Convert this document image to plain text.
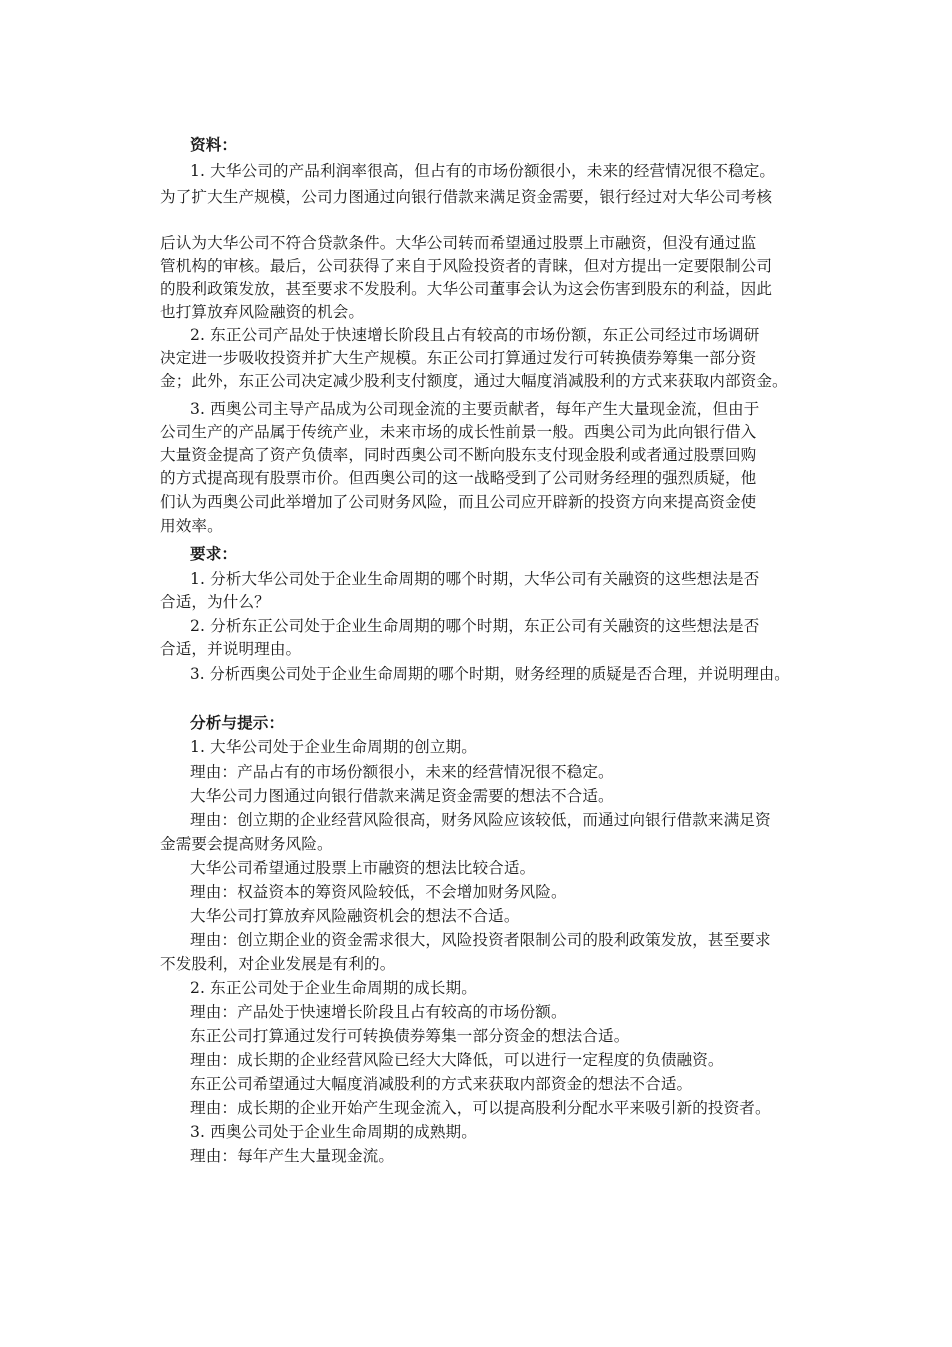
资料：
1. 大华公司的产品利润率很高，但占有的市场份额很小，未来的经营情况很不稳定。
为了扩大生产规模，公司力图通过向银行借款来满足资金需要，银行经过对大华公司考核
后认为大华公司不符合贷款条件。大华公司转而希望通过股票上市融资，但没有通过监
管机构的审核。最后，公司获得了来自于风险投资者的青睐，但对方提出一定要限制公司
的股利政策发放，甚至要求不发股利。大华公司董事会认为这会伤害到股东的利益，因此
也打算放弃风险融资的机会。
2. 东正公司产品处于快速增长阶段且占有较高的市场份额，东正公司经过市场调研
决定进一步吸收投资并扩大生产规模。东正公司打算通过发行可转换债券筹集一部分资
金；此外，东正公司决定减少股利支付额度，通过大幅度消减股利的方式来获取内部资金。
3. 西奥公司主导产品成为公司现金流的主要贡献者，每年产生大量现金流，但由于
公司生产的产品属于传统产业，未来市场的成长性前景一般。西奥公司为此向银行借入
大量资金提高了资产负债率，同时西奥公司不断向股东支付现金股利或者通过股票回购
的方式提高现有股票市价。但西奥公司的这一战略受到了公司财务经理的强烈质疑，他
们认为西奥公司此举增加了公司财务风险，而且公司应开辟新的投资方向来提高资金使
用效率。
要求：
1. 分析大华公司处于企业生命周期的哪个时期，大华公司有关融资的这些想法是否
合适，为什么？
2. 分析东正公司处于企业生命周期的哪个时期，东正公司有关融资的这些想法是否
合适，并说明理由。
3. 分析西奥公司处于企业生命周期的哪个时期，财务经理的质疑是否合理，并说明理由。
分析与提示：
1. 大华公司处于企业生命周期的创立期。
理由：产品占有的市场份额很小，未来的经营情况很不稳定。
大华公司力图通过向银行借款来满足资金需要的想法不合适。
理由：创立期的企业经营风险很高，财务风险应该较低，而通过向银行借款来满足资
金需要会提高财务风险。
大华公司希望通过股票上市融资的想法比较合适。
理由：权益资本的筹资风险较低，不会增加财务风险。
大华公司打算放弃风险融资机会的想法不合适。
理由：创立期企业的资金需求很大，风险投资者限制公司的股利政策发放，甚至要求
不发股利，对企业发展是有利的。
2. 东正公司处于企业生命周期的成长期。
理由：产品处于快速增长阶段且占有较高的市场份额。
东正公司打算通过发行可转换债券筹集一部分资金的想法合适。
理由：成长期的企业经营风险已经大大降低，可以进行一定程度的负债融资。
东正公司希望通过大幅度消减股利的方式来获取内部资金的想法不合适。
理由：成长期的企业开始产生现金流入，可以提高股利分配水平来吸引新的投资者。
3. 西奥公司处于企业生命周期的成熟期。
理由：每年产生大量现金流。
